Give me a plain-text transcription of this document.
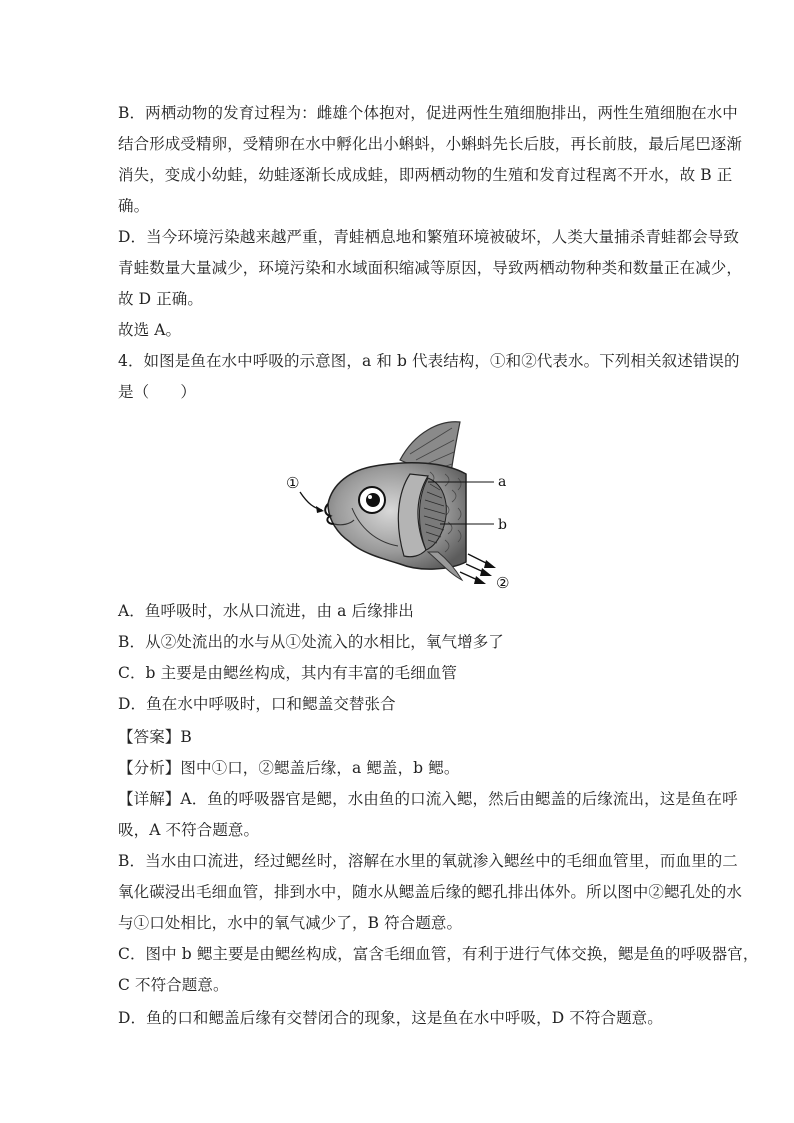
B．两栖动物的发育过程为：雌雄个体抱对，促进两性生殖细胞排出，两性生殖细胞在水中
结合形成受精卵，受精卵在水中孵化出小蝌蚪，小蝌蚪先长后肢，再长前肢，最后尾巴逐渐
消失，变成小幼蛙，幼蛙逐渐长成成蛙，即两栖动物的生殖和发育过程离不开水，故 B 正
确。
D．当今环境污染越来越严重，青蛙栖息地和繁殖环境被破坏，人类大量捕杀青蛙都会导致
青蛙数量大量减少，环境污染和水域面积缩减等原因，导致两栖动物种类和数量正在减少，
故 D 正确。
故选 A。
4．如图是鱼在水中呼吸的示意图，a 和 b 代表结构，①和②代表水。下列相关叙述错误的
是（　　）
①
②
a
b
A．鱼呼吸时，水从口流进，由 a 后缘排出
B．从②处流出的水与从①处流入的水相比，氧气增多了
C．b 主要是由鳃丝构成，其内有丰富的毛细血管
D．鱼在水中呼吸时，口和鳃盖交替张合
【答案】B
【分析】图中①口，②鳃盖后缘，a 鳃盖，b 鳃。
【详解】A．鱼的呼吸器官是鳃，水由鱼的口流入鳃，然后由鳃盖的后缘流出，这是鱼在呼
吸，A 不符合题意。
B．当水由口流进，经过鳃丝时，溶解在水里的氧就渗入鳃丝中的毛细血管里，而血里的二
氧化碳浸出毛细血管，排到水中，随水从鳃盖后缘的鳃孔排出体外。所以图中②鳃孔处的水
与①口处相比，水中的氧气减少了，B 符合题意。
C．图中 b 鳃主要是由鳃丝构成，富含毛细血管，有利于进行气体交换，鳃是鱼的呼吸器官，
C 不符合题意。
D．鱼的口和鳃盖后缘有交替闭合的现象，这是鱼在水中呼吸，D 不符合题意。
